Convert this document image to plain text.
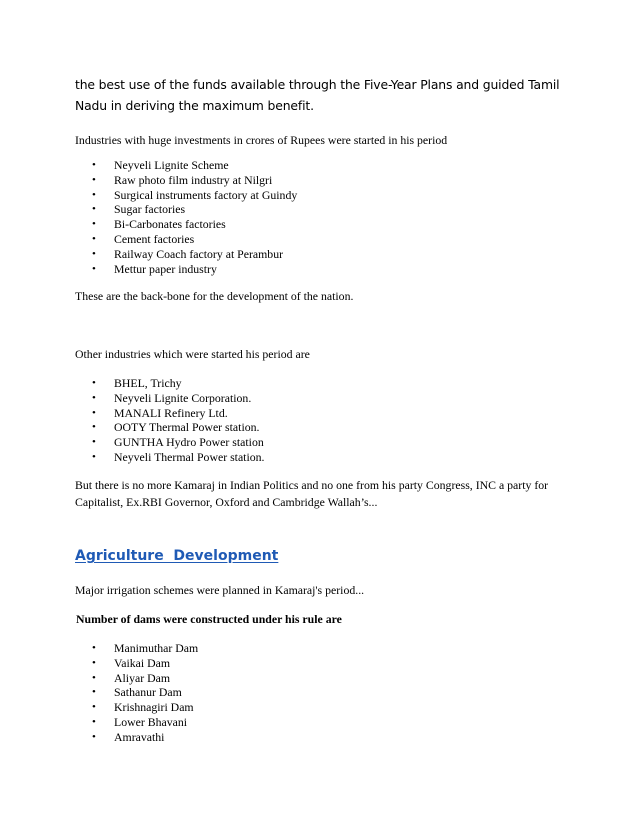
the best use of the funds available through the Five-Year Plans and guided Tamil Nadu in deriving the maximum benefit.
Industries with huge investments in crores of Rupees were started in his period
• Neyveli Lignite Scheme
• Raw photo film industry at Nilgri
• Surgical instruments factory at Guindy
• Sugar factories
• Bi-Carbonates factories
• Cement factories
• Railway Coach factory at Perambur
• Mettur paper industry
These are the back-bone for the development of the nation.
Other industries which were started his period are
• BHEL, Trichy
• Neyveli Lignite Corporation.
• MANALI Refinery Ltd.
• OOTY Thermal Power station.
• GUNTHA Hydro Power station
• Neyveli Thermal Power station.
But there is no more Kamaraj in Indian Politics and no one from his party Congress, INC a party for Capitalist, Ex.RBI Governor, Oxford and Cambridge Wallah’s...
Agriculture  Development
Major irrigation schemes were planned in Kamaraj's period...
Number of dams were constructed under his rule are
• Manimuthar Dam
• Vaikai Dam
• Aliyar Dam
• Sathanur Dam
• Krishnagiri Dam
• Lower Bhavani
• Amravathi
